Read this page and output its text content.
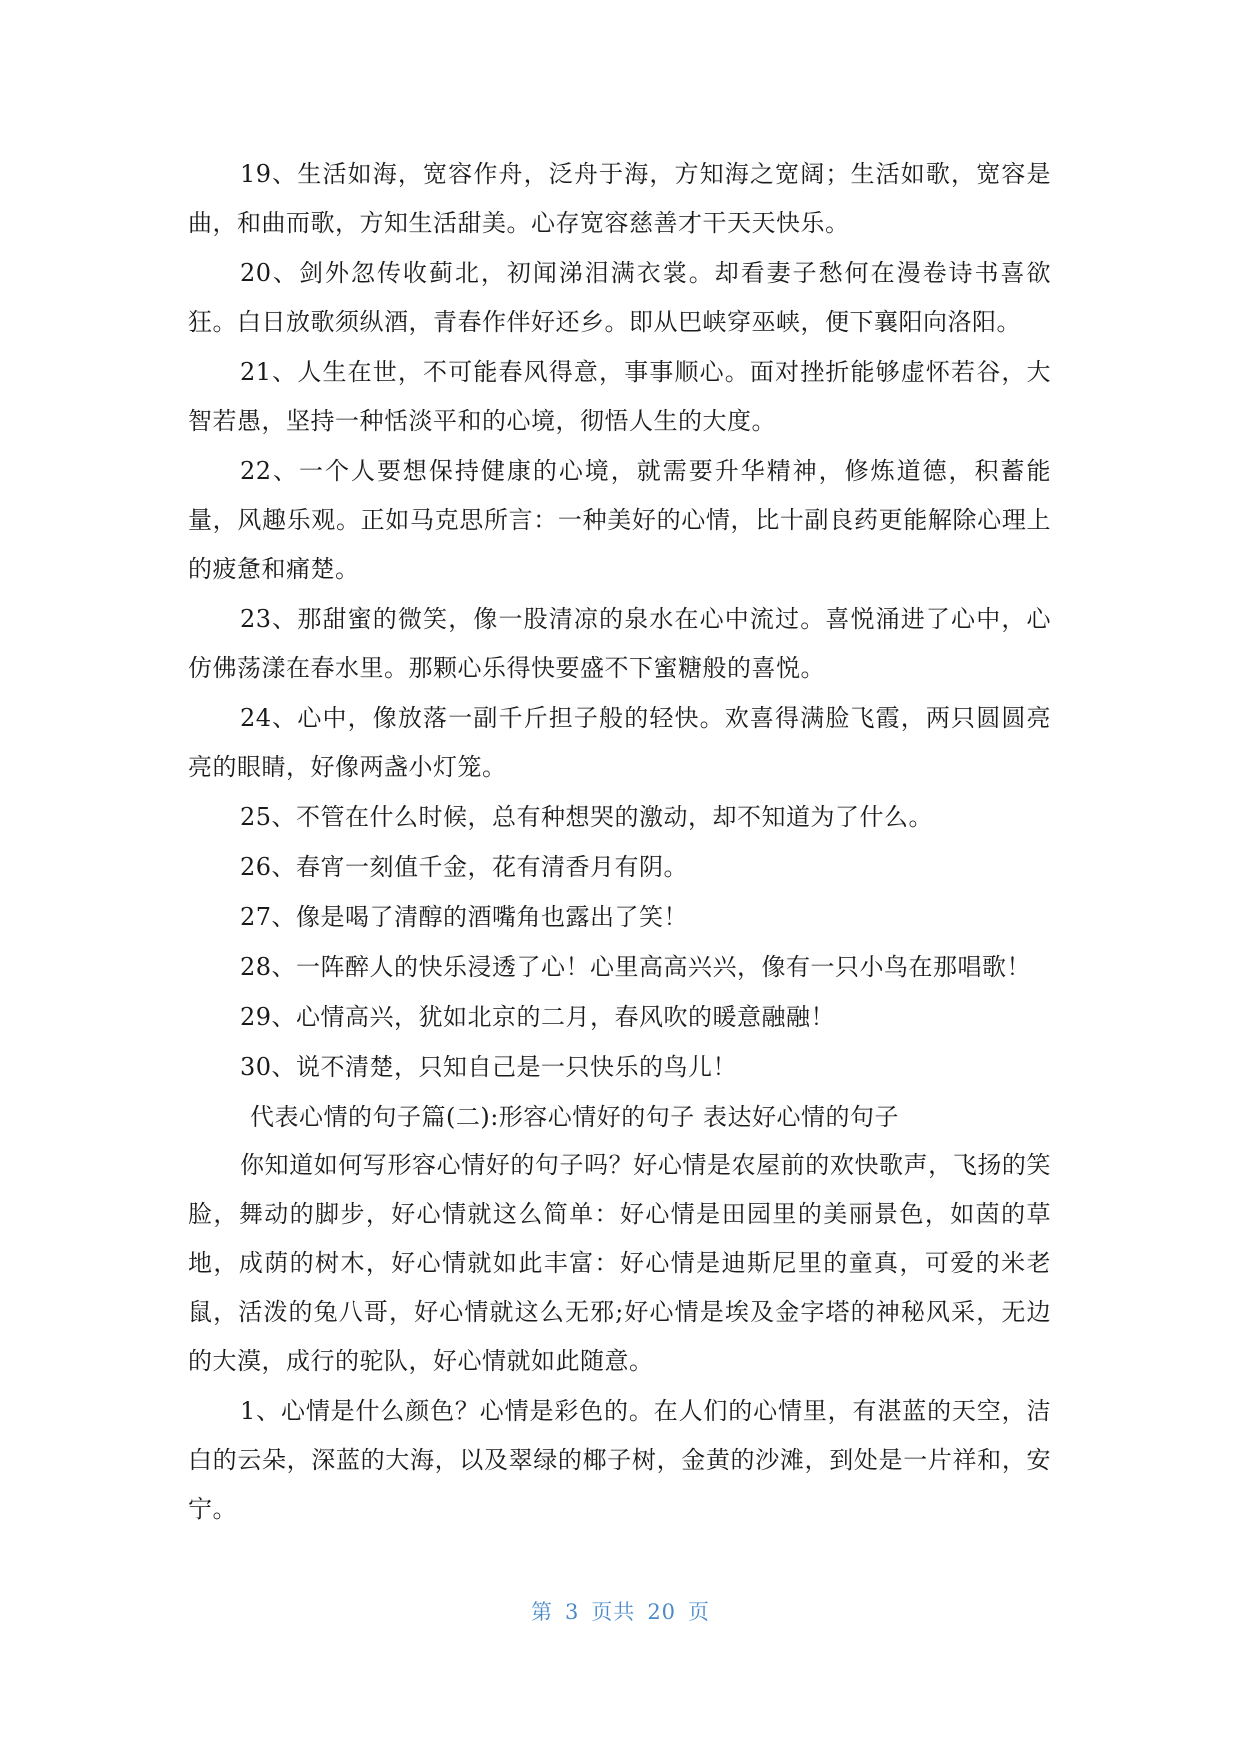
19、生活如海，宽容作舟，泛舟于海，方知海之宽阔；生活如歌，宽容是曲，和曲而歌，方知生活甜美。心存宽容慈善才干天天快乐。

20、剑外忽传收蓟北，初闻涕泪满衣裳。却看妻子愁何在漫卷诗书喜欲狂。白日放歌须纵酒，青春作伴好还乡。即从巴峡穿巫峡，便下襄阳向洛阳。

21、人生在世，不可能春风得意，事事顺心。面对挫折能够虚怀若谷，大智若愚，坚持一种恬淡平和的心境，彻悟人生的大度。

22、一个人要想保持健康的心境，就需要升华精神，修炼道德，积蓄能量，风趣乐观。正如马克思所言：一种美好的心情，比十副良药更能解除心理上的疲惫和痛楚。

23、那甜蜜的微笑，像一股清凉的泉水在心中流过。喜悦涌进了心中，心仿佛荡漾在春水里。那颗心乐得快要盛不下蜜糖般的喜悦。

24、心中，像放落一副千斤担子般的轻快。欢喜得满脸飞霞，两只圆圆亮亮的眼睛，好像两盏小灯笼。

25、不管在什么时候，总有种想哭的激动，却不知道为了什么。

26、春宵一刻值千金，花有清香月有阴。

27、像是喝了清醇的酒嘴角也露出了笑！

28、一阵醉人的快乐浸透了心！心里高高兴兴，像有一只小鸟在那唱歌！

29、心情高兴，犹如北京的二月，春风吹的暖意融融！

30、说不清楚，只知自己是一只快乐的鸟儿！

代表心情的句子篇(二):形容心情好的句子 表达好心情的句子

你知道如何写形容心情好的句子吗？好心情是农屋前的欢快歌声，飞扬的笑脸，舞动的脚步，好心情就这么简单：好心情是田园里的美丽景色，如茵的草地，成荫的树木，好心情就如此丰富：好心情是迪斯尼里的童真，可爱的米老鼠，活泼的兔八哥，好心情就这么无邪;好心情是埃及金字塔的神秘风采，无边的大漠，成行的驼队，好心情就如此随意。

1、心情是什么颜色？心情是彩色的。在人们的心情里，有湛蓝的天空，洁白的云朵，深蓝的大海，以及翠绿的椰子树，金黄的沙滩，到处是一片祥和，安宁。

第 3 页共 20 页
